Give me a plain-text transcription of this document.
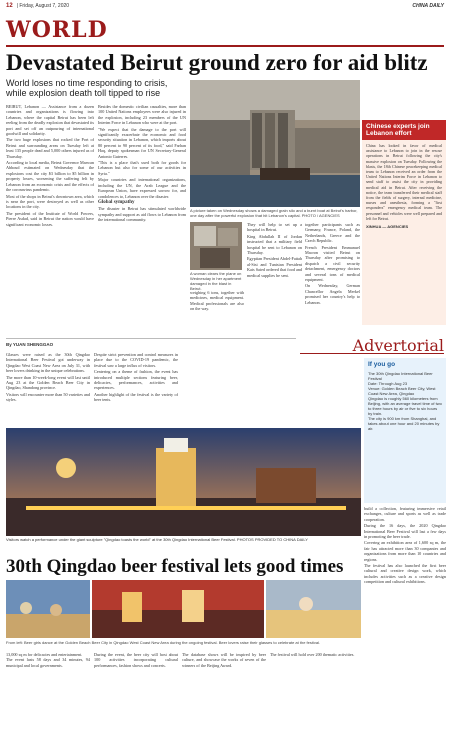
12 | Friday, August 7, 2020	CHINA DAILY
WORLD
Devastated Beirut ground zero for aid blitz
World loses no time responding to crisis, while explosion death toll tipped to rise

BEIRUT, Lebanon — Assistance from a dozen countries and organizations is flowing into Lebanon, where the capital Beirut has been left reeling from the deadly explosion that devastated its port and set off an outpouring of international goodwill and solidarity.

The two huge explosions that rocked the Port of Beirut and surrounding areas on Tuesday left at least 135 people dead and 5,000 others injured as of Thursday.

According to local media, Beirut Governor Marwan Abboud estimated on Wednesday that the explosions cost the city $3 billion to $5 billion in property losses, worsening the suffering felt by Lebanon from an economic crisis and the effects of the coronavirus pandemic.

Most of the shops in Beirut's downtown area, which is near the port, were destroyed as well as other locations in the city.

The president of the Institute of World Powers, Pierre Asdad, said in Beirut the nation would have significant economic losses.

Besides the domestic civilian casualties, more than 100 United Nations employees were also injured in the explosion, including 23 members of the UN Interim Force in Lebanon who were at the port.

"We expect that the damage to the port will significantly exacerbate the economic and food security situation in Lebanon, which imports about 80 percent to 90 percent of its food," said Farhan Haq, deputy spokesman for UN Secretary-General Antonio Guterres.

"This is a place that's used both for goods for Lebanon but also for some of our activities in Syria."

Major countries and international organizations, including the UN, the Arab League and the European Union, have expressed sorrow for, and condolences to, Lebanon over the disaster.

Global sympathy

The disaster in Beirut has stimulated worldwide sympathy and support as aid flows to Lebanon from the international community.

A picture taken on Wednesday shows a damaged grain silo and a burnt boat at Beirut's harbor, one day after the powerful explosion that hit Lebanon's capital. PHOTO / AGENCIES
A woman clears the plane on Wednesday in her apartment damaged in the blast in Beirut.

weighing 6 tons, together with medicines, medical equipment. Medical professionals are also on the way.

They will help to set up a hospital in Beirut.

King Abdullah II of Jordan instructed that a military field hospital be sent to Lebanon on Thursday.

Egyptian President Abdel-Fattah al-Sisi and Tunisian President Kais Saied ordered that food and medical supplies be sent.

together participants such as Germany, France, Poland, the Netherlands, Greece and the Czech Republic.

French President Emmanuel Macron visited Beirut on Thursday after promising to dispatch a civil security detachment, emergency doctors and several tons of medical equipment.

On Wednesday, German Chancellor Angela Merkel promised her country's help to Lebanon.

Chinese experts join Lebanon effort
China has looked in favor of medical assistance to Lebanon to join in the rescue operations in Beirut following the city's massive explosion on Tuesday. Following the blasts, the 18th Chinese peacekeeping medical team to Lebanon received an order from the United Nations Interim Force in Lebanon to send staff to assist the city in providing medical aid in Beirut. After receiving the notice, the team transferred their medical staff from the fields of surgery, internal medicine, nurses and anesthesia, forming a "first responders" emergency medical team. The personnel and vehicles were well prepared and left for Beirut.
XINHUA — AGENCIES
By YUAN SHENGGAO	Advertorial

Glasses were raised as the 30th Qingdao International Beer Festival got underway in Qingdao West Coast New Area on July 31, with beer lovers drinking in the unique celebrations.

The more than 10-week-long event will last until Aug 23 at the Golden Beach Beer City in Qingdao, Shandong province.

Visitors will encounter more than 50 varieties and styles.

Despite strict prevention and control measures in place due to the COVID-19 pandemic, the festival saw a large influx of visitors.

Centering on a theme of fashion, the event has introduced multiple sections featuring beer, delicacies, performances, activities and experiences.

Another highlight of the festival is the variety of beer tents.

Visitors watch a performance under the giant sculpture "Qingdao toasts the world" at the 30th Qingdao International Beer Festival. PHOTOS PROVIDED TO CHINA DAILY
30th Qingdao beer festival lets good times
If you go
The 30th Qingdao International Beer Festival
Date: Through Aug 23
Venue: Golden Beach Beer City, West Coast New Area, Qingdao
Qingdao is roughly 560 kilometers from Beijing, with an average travel time of two to three hours by air or five to six hours by train.
The city is 900 km from Shanghai, and takes about one hour and 20 minutes by air.

build a collection, featuring immersive retail exchanges, culture and sports as well as trade cooperation.

During the 16 days, the 2020 Qingdao International Beer Festival will last a few days in promoting the beer trade.

Covering an exhibition area of 1,600 sq m, the fair has attracted more than 30 companies and organizations from more than 10 countries and regions.

The festival has also launched the first beer cultural and creative design work, which includes activities such as a creative design competition and cultural exhibitions.

From left: Beer girls dance at the Golden Beach Beer City in Qingdao West Coast New Area during the ongoing festival. Beer lovers raise their glasses to celebrate at the festival.

13,000 sq m for delicacies and entertainment.
The event lasts 58 days and 34 minutes, 94 municipal and local governments.

During the event, the beer city will host about 100 activities incorporating cultural performances, fashion shows and concerts.

The database shows will be inspired by beer culture, and showcase the works of seven of the winners of the Beijing Award.

The festival will hold over 200 thematic activities.
